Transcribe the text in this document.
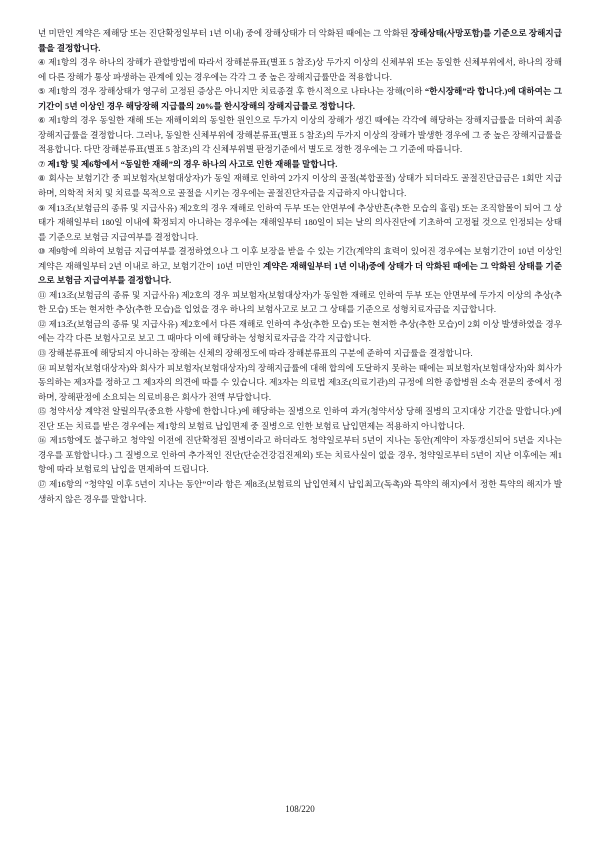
년 미만인 계약은 제해당 또는 진단확정일부터 1년 이내) 중에 장해상태가 더 악화된 때에는 그 악화된 장해상태(사망포함)를 기준으로 장해지급률을 결정합니다.
④ 제1항의 경우 하나의 장해가 관할방법에 따라서 장해분류표(별표 5 참조)상 두가지 이상의 신체부위 또는 동일한 신체부위에서, 하나의 장해에 다른 장해가 통상 파생하는 관계에 있는 경우에는 각각 그 중 높은 장해지급률만을 적용합니다.
⑤ 제1항의 경우 장해상태가 영구히 고정된 증상은 아니지만 치료종결 후 한시적으로 나타나는 장해(이하 “한시장해”라 합니다.)에 대하여는 그 기간이 5년 이상인 경우 해당장해 지급률의 20%를 한시장해의 장해지급률로 정합니다.
⑥ 제1항의 경우 동일한 재해 또는 재해이외의 동일한 원인으로 두가지 이상의 장해가 생긴 때에는 각각에 해당하는 장해지급률을 더하여 최종 장해지급률을 결정합니다. 그러나, 동일한 신체부위에 장해분류표(별표 5 참조)의 두가지 이상의 장해가 발생한 경우에 그 중 높은 장해지급률을 적용합니다. 다만 장해분류표(별표 5 참조)의 각 신체부위별 판정기준에서 별도로 정한 경우에는 그 기준에 따릅니다.
⑦ 제1항 및 제6항에서 “동일한 재해”의 경우 하나의 사고로 인한 재해를 말합니다.
⑧ 회사는 보험기간 중 피보험자(보험대상자)가 동일 재해로 인하여 2가지 이상의 골절(복합골절) 상태가 되더라도 골절진단급금은 1회만 지급하며, 의학적 처치 및 치료를 목적으로 골절을 시키는 경우에는 골절진단자금을 지급하지 아니합니다.
⑨ 제13조(보험금의 종류 및 지급사유) 제2호의 경우 재해로 인하여 두부 또는 안면부에 추상반흔(추한 모습의 흘림) 또는 조직함몰이 되어 그 상태가 재해일부터 180일 이내에 확정되지 아니하는 경우에는 재해일부터 180일이 되는 날의 의사진단에 기초하여 고정될 것으로 인정되는 상태를 기준으로 보험금 지급여부를 결정합니다.
⑩ 제9항에 의하여 보험금 지급여부를 결정하였으나 그 이후 보장을 받을 수 있는 기간(계약의 효력이 있어진 경우에는 보험기간이 10년 이상인 계약은 재해일부터 2년 이내로 하고, 보험기간이 10년 미만인 계약은 재해일부터 1년 이내)중에 상태가 더 악화된 때에는 그 악화된 상태를 기준으로 보험금 지급여부를 결정합니다.
⑪ 제13조(보험금의 종류 및 지급사유) 제2호의 경우 피보험자(보험대상자)가 동일한 재해로 인하여 두부 또는 안면부에 두가지 이상의 추상(추한 모습) 또는 현저한 추상(추한 모습)을 입었을 경우 하나의 보험사고로 보고 그 상태를 기준으로 성형치료자금을 지급합니다.
⑫ 제13조(보험금의 종류 및 지급사유) 제2호에서 다른 재해로 인하여 추상(추한 모습) 또는 현저한 추상(추한 모습)이 2회 이상 발생하였을 경우에는 각각 다른 보험사고로 보고 그 때마다 이에 해당하는 성형치료자금을 각각 지급합니다.
⑬ 장해분류표에 해당되지 아니하는 장해는 신체의 장해정도에 따라 장해분류표의 구분에 준하여 지급률을 결정합니다.
⑭ 피보험자(보험대상자)와 회사가 피보험자(보험대상자)의 장해지급률에 대해 합의에 도달하지 못하는 때에는 피보험자(보험대상자)와 회사가 동의하는 제3자를 정하고 그 제3자의 의견에 따를 수 있습니다. 제3자는 의료법 제3조(의료기관)의 규정에 의한 종합병원 소속 전문의 중에서 정하며, 장해판정에 소요되는 의료비용은 회사가 전액 부담합니다.
⑮ 청약서상 계약전 알릴의무(중요한 사항에 한합니다.)에 해당하는 질병으로 인하여 과거(청약서상 당해 질병의 고지대상 기간을 말합니다.)에 진단 또는 치료를 받은 경우에는 제1항의 보험료 납입면제 중 질병으로 인한 보험료 납입면제는 적용하지 아니합니다.
⑯ 제15항에도 불구하고 청약일 이전에 진단확정된 질병이라고 하더라도 청약일로부터 5년이 지나는 동안(계약이 자동갱신되어 5년을 지나는 경우를 포함합니다.) 그 질병으로 인하여 추가적인 진단(단순건강검진제외) 또는 치료사실이 없을 경우, 청약일로부터 5년이 지난 이후에는 제1항에 따라 보험료의 납입을 면제하여 드립니다.
⑰ 제16항의 “청약일 이후 5년이 지나는 동안”이라 함은 제8조(보험료의 납입연체시 납입최고(독촉)와 특약의 해지)에서 정한 특약의 해지가 발생하지 않은 경우를 말합니다.
108/220
